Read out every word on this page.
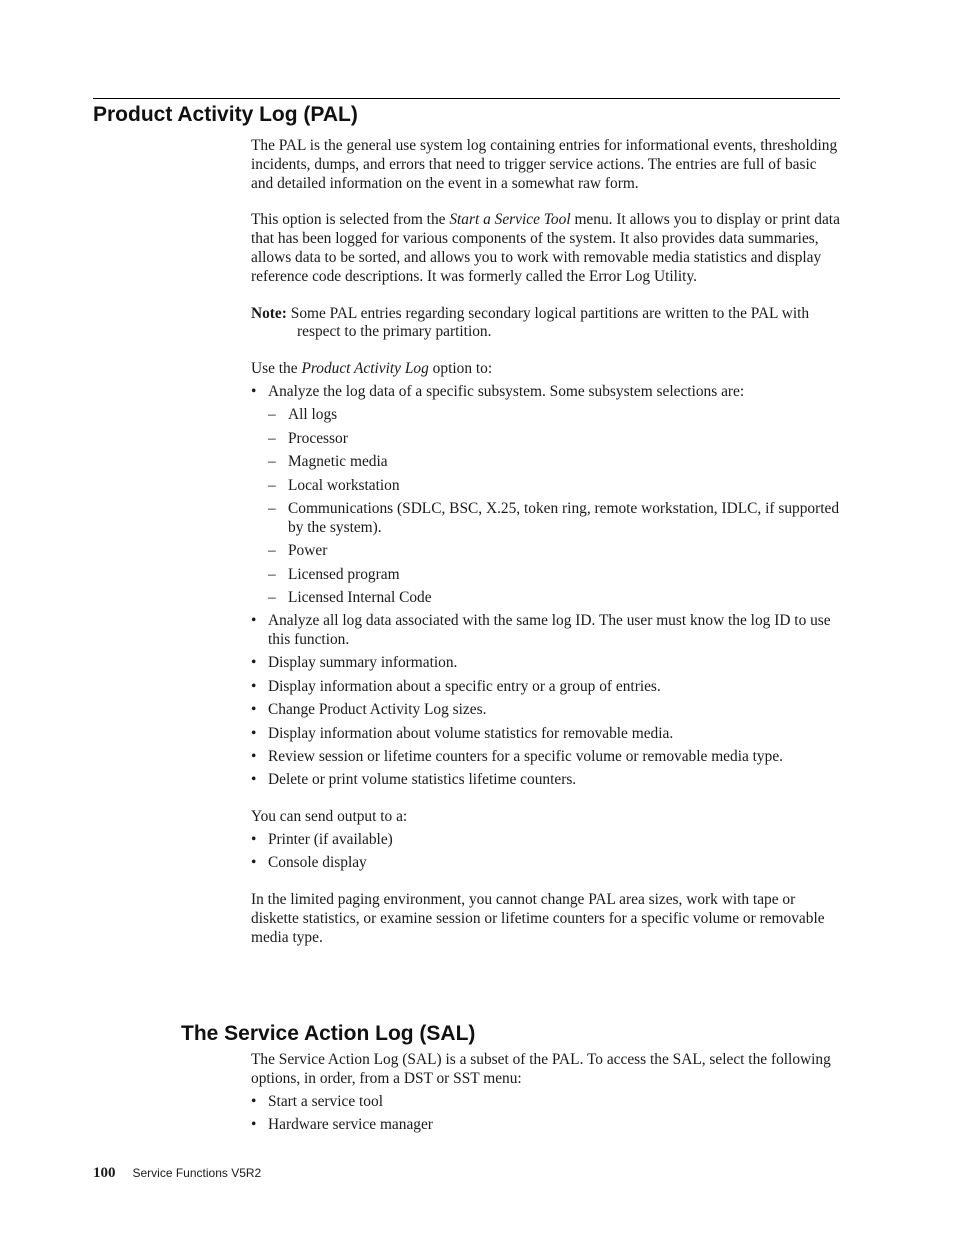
Product Activity Log (PAL)

The PAL is the general use system log containing entries for informational events, thresholding incidents, dumps, and errors that need to trigger service actions. The entries are full of basic and detailed information on the event in a somewhat raw form.

This option is selected from the Start a Service Tool menu. It allows you to display or print data that has been logged for various components of the system. It also provides data summaries, allows data to be sorted, and allows you to work with removable media statistics and display reference code descriptions. It was formerly called the Error Log Utility.

Note: Some PAL entries regarding secondary logical partitions are written to the PAL with respect to the primary partition.

Use the Product Activity Log option to:

• Analyze the log data of a specific subsystem. Some subsystem selections are:
– All logs
– Processor
– Magnetic media
– Local workstation
– Communications (SDLC, BSC, X.25, token ring, remote workstation, IDLC, if supported by the system).
– Power
– Licensed program
– Licensed Internal Code
• Analyze all log data associated with the same log ID. The user must know the log ID to use this function.
• Display summary information.
• Display information about a specific entry or a group of entries.
• Change Product Activity Log sizes.
• Display information about volume statistics for removable media.
• Review session or lifetime counters for a specific volume or removable media type.
• Delete or print volume statistics lifetime counters.

You can send output to a:

• Printer (if available)
• Console display

In the limited paging environment, you cannot change PAL area sizes, work with tape or diskette statistics, or examine session or lifetime counters for a specific volume or removable media type.

The Service Action Log (SAL)

The Service Action Log (SAL) is a subset of the PAL. To access the SAL, select the following options, in order, from a DST or SST menu:

• Start a service tool
• Hardware service manager
100 Service Functions V5R2
